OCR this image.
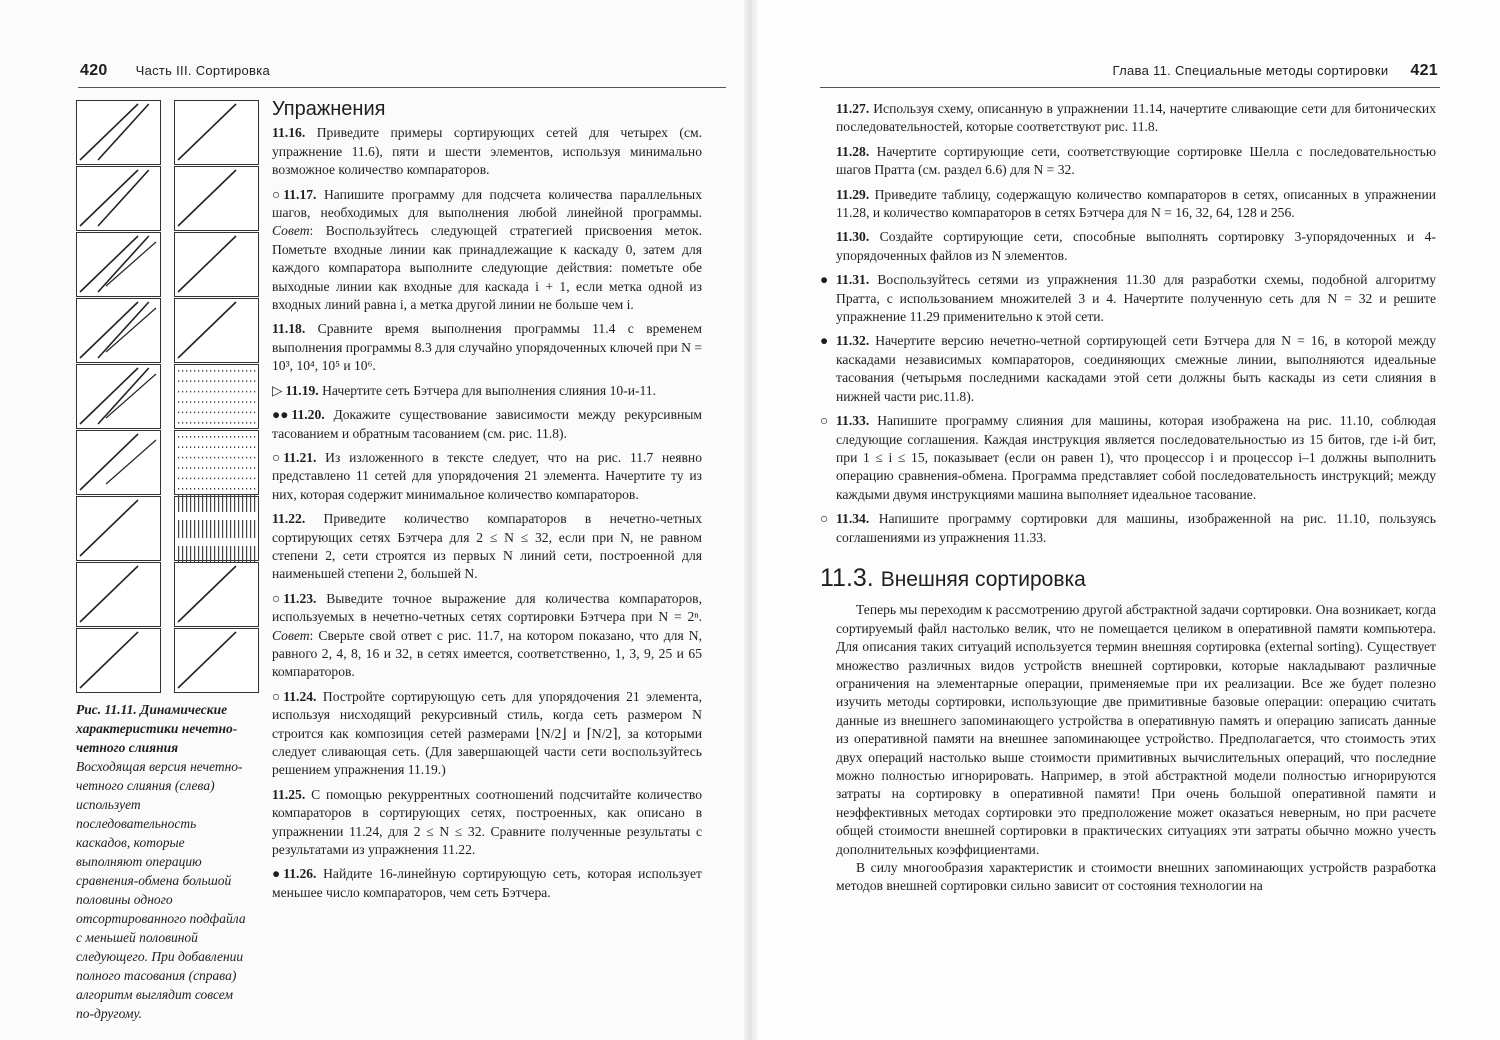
420 Часть III. Сортировка	Глава 11. Специальные методы сортировки 421
Рис. 11.11. Динамические характеристики нечетно-четного слияния
Восходящая версия нечетно-четного слияния (слева) использует последовательность каскадов, которые выполняют операцию сравнения-обмена большой половины одного отсортированного подфайла с меньшей половиной следующего. При добавлении полного тасования (справа) алгоритм выглядит совсем по-другому.
Упражнения

11.16. Приведите примеры сортирующих сетей для четырех (см. упражнение 11.6), пяти и шести элементов, используя минимально возможное количество компараторов.

○ 11.17. Напишите программу для подсчета количества параллельных шагов, необходимых для выполнения любой линейной программы. Совет: Воспользуйтесь следующей стратегией присвоения меток. Пометьте входные линии как принадлежащие к каскаду 0, затем для каждого компаратора выполните следующие действия: пометьте обе выходные линии как входные для каскада i + 1, если метка одной из входных линий равна i, а метка другой линии не больше чем i.

11.18. Сравните время выполнения программы 11.4 с временем выполнения программы 8.3 для случайно упорядоченных ключей при N = 10³, 10⁴, 10⁵ и 10⁶.

▷ 11.19. Начертите сеть Бэтчера для выполнения слияния 10-и-11.

●● 11.20. Докажите существование зависимости между рекурсивным тасованием и обратным тасованием (см. рис. 11.8).

○ 11.21. Из изложенного в тексте следует, что на рис. 11.7 неявно представлено 11 сетей для упорядочения 21 элемента. Начертите ту из них, которая содержит минимальное количество компараторов.

11.22. Приведите количество компараторов в нечетно-четных сортирующих сетях Бэтчера для 2 ≤ N ≤ 32, если при N, не равном степени 2, сети строятся из первых N линий сети, построенной для наименьшей степени 2, большей N.

○ 11.23. Выведите точное выражение для количества компараторов, используемых в нечетно-четных сетях сортировки Бэтчера при N = 2ⁿ. Совет: Сверьте свой ответ с рис. 11.7, на котором показано, что для N, равного 2, 4, 8, 16 и 32, в сетях имеется, соответственно, 1, 3, 9, 25 и 65 компараторов.

○ 11.24. Постройте сортирующую сеть для упорядочения 21 элемента, используя нисходящий рекурсивный стиль, когда сеть размером N строится как композиция сетей размерами ⌊N/2⌋ и ⌈N/2⌉, за которыми следует сливающая сеть. (Для завершающей части сети воспользуйтесь решением упражнения 11.19.)

11.25. С помощью рекуррентных соотношений подсчитайте количество компараторов в сортирующих сетях, построенных, как описано в упражнении 11.24, для 2 ≤ N ≤ 32. Сравните полученные результаты с результатами из упражнения 11.22.

● 11.26. Найдите 16-линейную сортирующую сеть, которая использует меньшее число компараторов, чем сеть Бэтчера.

11.27. Используя схему, описанную в упражнении 11.14, начертите сливающие сети для битонических последовательностей, которые соответствуют рис. 11.8.

11.28. Начертите сортирующие сети, соответствующие сортировке Шелла с последовательностью шагов Пратта (см. раздел 6.6) для N = 32.

11.29. Приведите таблицу, содержащую количество компараторов в сетях, описанных в упражнении 11.28, и количество компараторов в сетях Бэтчера для N = 16, 32, 64, 128 и 256.

11.30. Создайте сортирующие сети, способные выполнять сортировку 3-упорядоченных и 4-упорядоченных файлов из N элементов.

● 11.31. Воспользуйтесь сетями из упражнения 11.30 для разработки схемы, подобной алгоритму Пратта, с использованием множителей 3 и 4. Начертите полученную сеть для N = 32 и решите упражнение 11.29 применительно к этой сети.

● 11.32. Начертите версию нечетно-четной сортирующей сети Бэтчера для N = 16, в которой между каскадами независимых компараторов, соединяющих смежные линии, выполняются идеальные тасования (четырьмя последними каскадами этой сети должны быть каскады из сети слияния в нижней части рис.11.8).

○ 11.33. Напишите программу слияния для машины, которая изображена на рис. 11.10, соблюдая следующие соглашения. Каждая инструкция является последовательностью из 15 битов, где i-й бит, при 1 ≤ i ≤ 15, показывает (если он равен 1), что процессор i и процессор i–1 должны выполнить операцию сравнения-обмена. Программа представляет собой последовательность инструкций; между каждыми двумя инструкциями машина выполняет идеальное тасование.

○ 11.34. Напишите программу сортировки для машины, изображенной на рис. 11.10, пользуясь соглашениями из упражнения 11.33.

11.3. Внешняя сортировка

Теперь мы переходим к рассмотрению другой абстрактной задачи сортировки. Она возникает, когда сортируемый файл настолько велик, что не помещается целиком в оперативной памяти компьютера. Для описания таких ситуаций используется термин внешняя сортировка (external sorting). Существует множество различных видов устройств внешней сортировки, которые накладывают различные ограничения на элементарные операции, применяемые при их реализации. Все же будет полезно изучить методы сортировки, использующие две примитивные базовые операции: операцию считать данные из внешнего запоминающего устройства в оперативную память и операцию записать данные из оперативной памяти на внешнее запоминающее устройство. Предполагается, что стоимость этих двух операций настолько выше стоимости примитивных вычислительных операций, что последние можно полностью игнорировать. Например, в этой абстрактной модели полностью игнорируются затраты на сортировку в оперативной памяти! При очень большой оперативной памяти и неэффективных методах сортировки это предположение может оказаться неверным, но при расчете общей стоимости внешней сортировки в практических ситуациях эти затраты обычно можно учесть дополнительных коэффициентами.

В силу многообразия характеристик и стоимости внешних запоминающих устройств разработка методов внешней сортировки сильно зависит от состояния технологии на
